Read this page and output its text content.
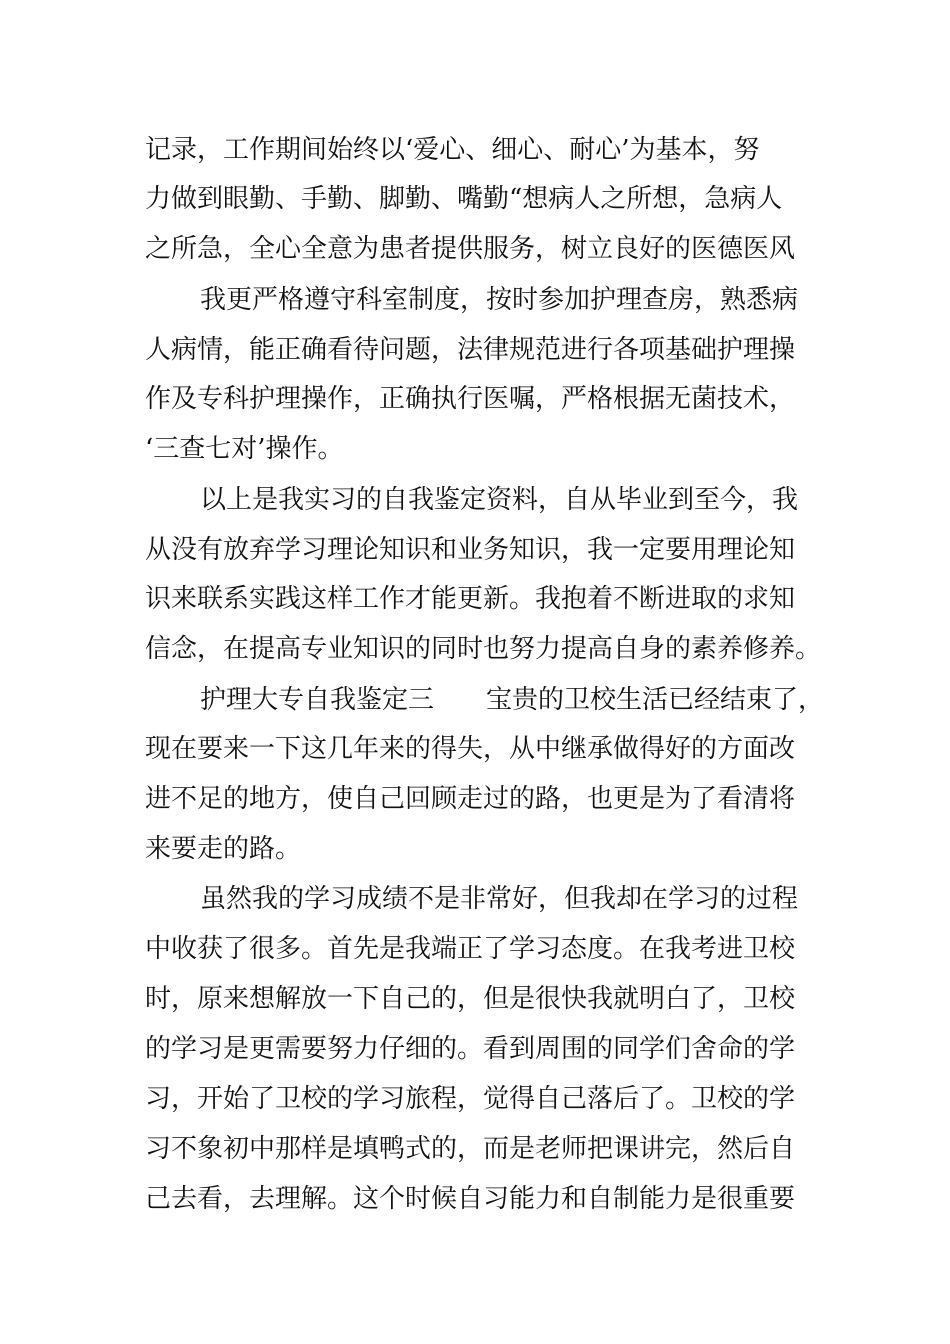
记录，工作期间始终以‘爱心、细心、耐心’为基本，努
力做到眼勤、手勤、脚勤、嘴勤“想病人之所想，急病人
之所急，全心全意为患者提供服务，树立良好的医德医风
我更严格遵守科室制度，按时参加护理查房，熟悉病
人病情，能正确看待问题，法律规范进行各项基础护理操
作及专科护理操作，正确执行医嘱，严格根据无菌技术，
‘三查七对’操作。
以上是我实习的自我鉴定资料，自从毕业到至今，我
从没有放弃学习理论知识和业务知识，我一定要用理论知
识来联系实践这样工作才能更新。我抱着不断进取的求知
信念，在提高专业知识的同时也努力提高自身的素养修养。
护理大专自我鉴定三　　宝贵的卫校生活已经结束了，
现在要来一下这几年来的得失，从中继承做得好的方面改
进不足的地方，使自己回顾走过的路，也更是为了看清将
来要走的路。
虽然我的学习成绩不是非常好，但我却在学习的过程
中收获了很多。首先是我端正了学习态度。在我考进卫校
时，原来想解放一下自己的，但是很快我就明白了，卫校
的学习是更需要努力仔细的。看到周围的同学们舍命的学
习，开始了卫校的学习旅程，觉得自己落后了。卫校的学
习不象初中那样是填鸭式的，而是老师把课讲完，然后自
己去看，去理解。这个时候自习能力和自制能力是很重要
